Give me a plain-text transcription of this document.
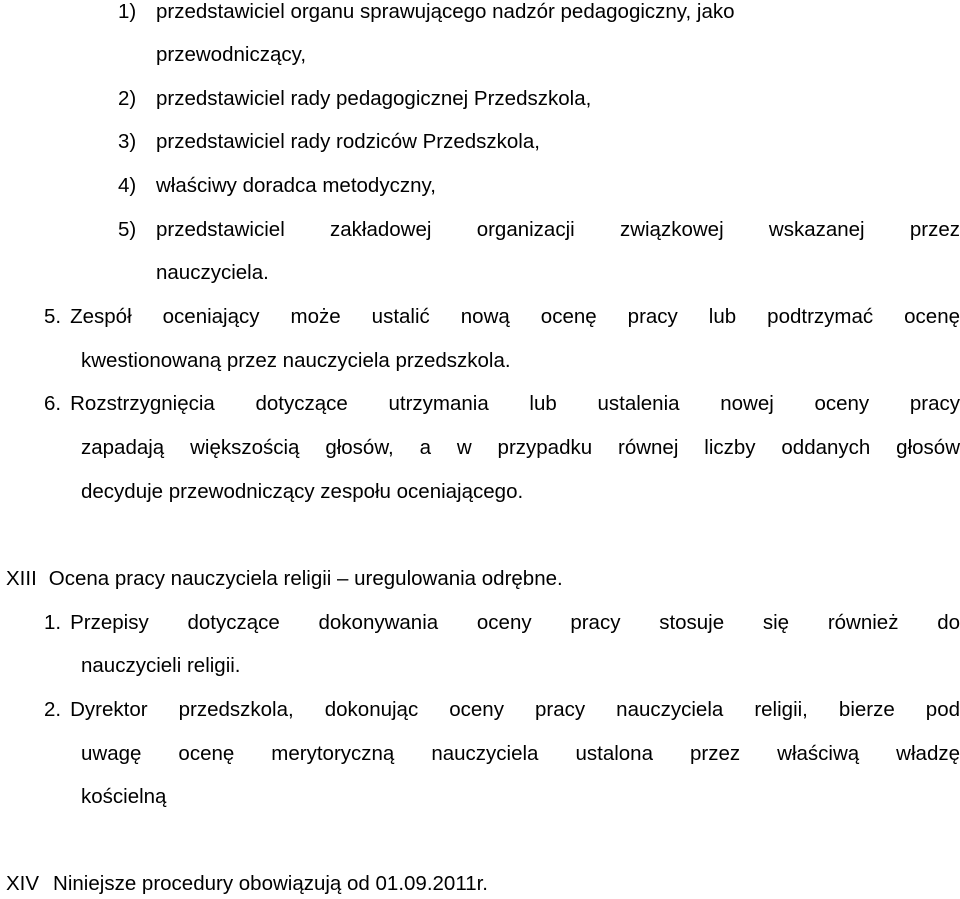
1) przedstawiciel organu sprawującego nadzór pedagogiczny, jako
przewodniczący,
2) przedstawiciel rady pedagogicznej Przedszkola,
3) przedstawiciel rady rodziców Przedszkola,
4) właściwy doradca metodyczny,
5) przedstawiciel zakładowej organizacji związkowej wskazanej przez
nauczyciela.
5. Zespół oceniający może ustalić nową ocenę pracy lub podtrzymać ocenę
kwestionowaną przez nauczyciela przedszkola.
6. Rozstrzygnięcia dotyczące utrzymania lub ustalenia nowej oceny pracy
zapadają większością głosów, a w przypadku równej liczby oddanych głosów
decyduje przewodniczący zespołu oceniającego.
XIII Ocena pracy nauczyciela religii – uregulowania odrębne.
1. Przepisy dotyczące dokonywania oceny pracy stosuje się również do
nauczycieli religii.
2. Dyrektor przedszkola, dokonując oceny pracy nauczyciela religii, bierze pod
uwagę ocenę merytoryczną nauczyciela ustalona przez właściwą władzę
kościelną
XIV Niniejsze procedury obowiązują od 01.09.2011r.
